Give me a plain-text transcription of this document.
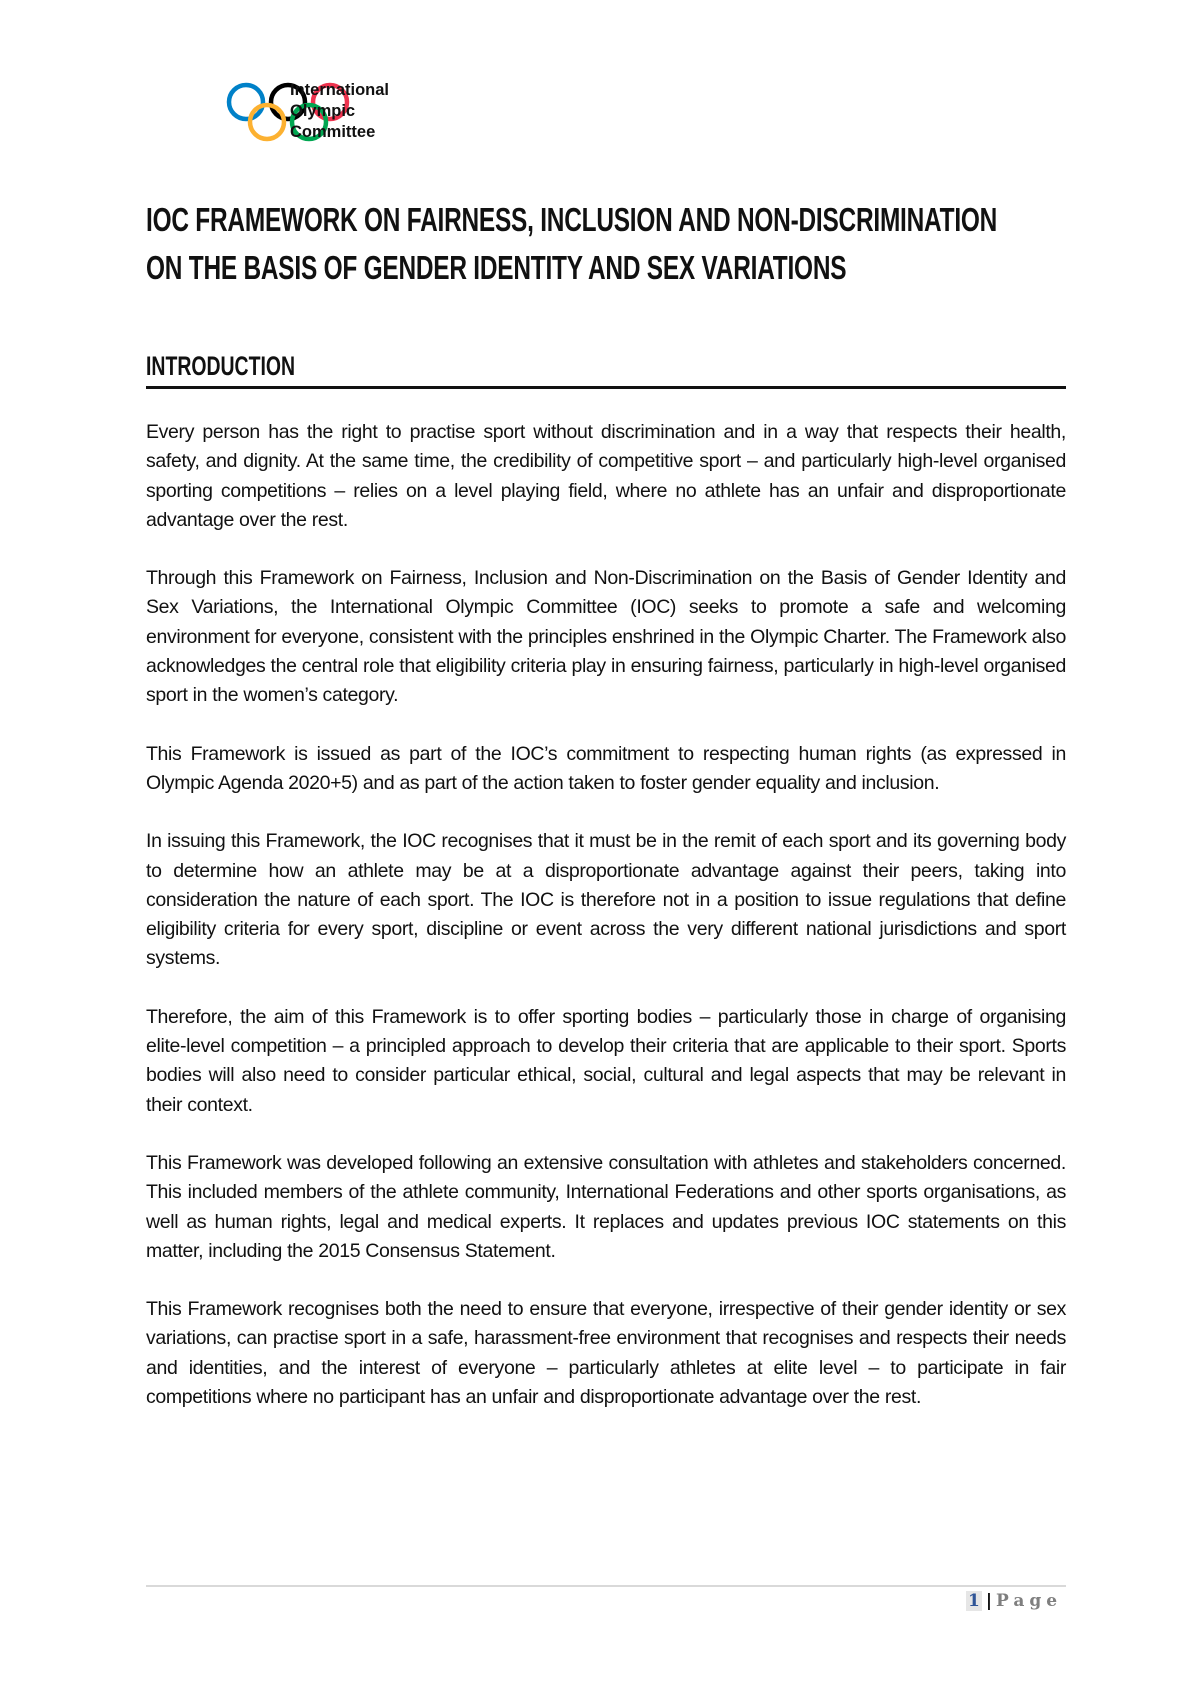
International
Olympic
Committee
IOC FRAMEWORK ON FAIRNESS, INCLUSION AND NON-DISCRIMINATION
ON THE BASIS OF GENDER IDENTITY AND SEX VARIATIONS
INTRODUCTION

Every person has the right to practise sport without discrimination and in a way that respects their health, safety, and dignity. At the same time, the credibility of competitive sport – and particularly high-level organised sporting competitions – relies on a level playing field, where no athlete has an unfair and disproportionate advantage over the rest.

Through this Framework on Fairness, Inclusion and Non-Discrimination on the Basis of Gender Identity and Sex Variations, the International Olympic Committee (IOC) seeks to promote a safe and welcoming environment for everyone, consistent with the principles enshrined in the Olympic Charter. The Framework also acknowledges the central role that eligibility criteria play in ensuring fairness, particularly in high-level organised sport in the women’s category.

This Framework is issued as part of the IOC’s commitment to respecting human rights (as expressed in Olympic Agenda 2020+5) and as part of the action taken to foster gender equality and inclusion.

In issuing this Framework, the IOC recognises that it must be in the remit of each sport and its governing body to determine how an athlete may be at a disproportionate advantage against their peers, taking into consideration the nature of each sport. The IOC is therefore not in a position to issue regulations that define eligibility criteria for every sport, discipline or event across the very different national jurisdictions and sport systems.

Therefore, the aim of this Framework is to offer sporting bodies – particularly those in charge of organising elite-level competition – a principled approach to develop their criteria that are applicable to their sport. Sports bodies will also need to consider particular ethical, social, cultural and legal aspects that may be relevant in their context.

This Framework was developed following an extensive consultation with athletes and stakeholders concerned. This included members of the athlete community, International Federations and other sports organisations, as well as human rights, legal and medical experts. It replaces and updates previous IOC statements on this matter, including the 2015 Consensus Statement.

This Framework recognises both the need to ensure that everyone, irrespective of their gender identity or sex variations, can practise sport in a safe, harassment-free environment that recognises and respects their needs and identities, and the interest of everyone – particularly athletes at elite level – to participate in fair competitions where no participant has an unfair and disproportionate advantage over the rest.

1 | Page
